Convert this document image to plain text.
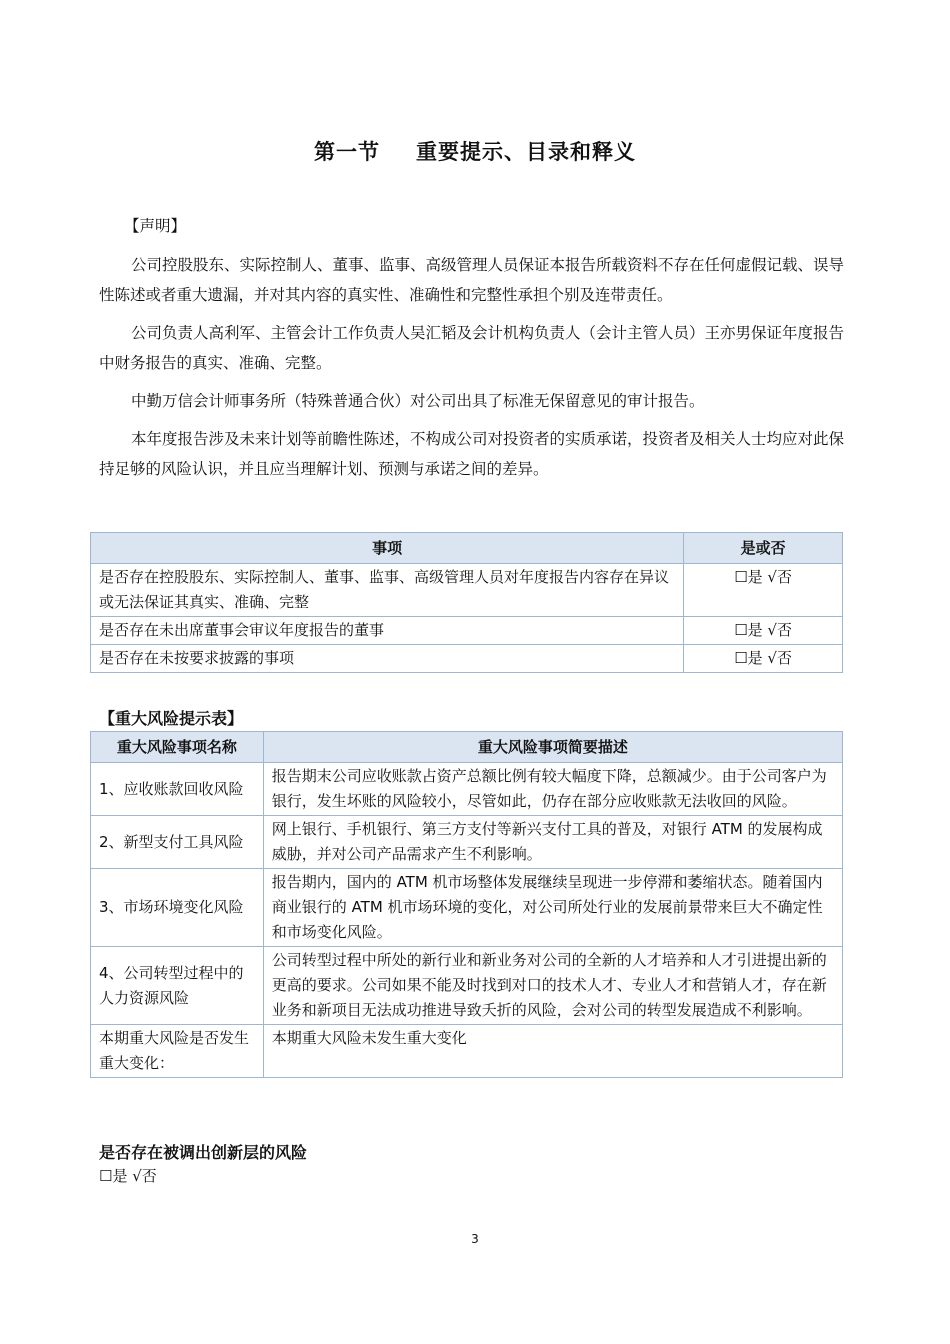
第一节 重要提示、目录和释义
【声明】

公司控股股东、实际控制人、董事、监事、高级管理人员保证本报告所载资料不存在任何虚假记载、误导性陈述或者重大遗漏，并对其内容的真实性、准确性和完整性承担个别及连带责任。

公司负责人高利军、主管会计工作负责人吴汇韬及会计机构负责人（会计主管人员）王亦男保证年度报告中财务报告的真实、准确、完整。

中勤万信会计师事务所（特殊普通合伙）对公司出具了标准无保留意见的审计报告。

本年度报告涉及未来计划等前瞻性陈述，不构成公司对投资者的实质承诺，投资者及相关人士均应对此保持足够的风险认识，并且应当理解计划、预测与承诺之间的差异。

事项	是或否
是否存在控股股东、实际控制人、董事、监事、高级管理人员对年度报告内容存在异议或无法保证其真实、准确、完整	☐是 √否
是否存在未出席董事会审议年度报告的董事	☐是 √否
是否存在未按要求披露的事项	☐是 √否
【重大风险提示表】
重大风险事项名称	重大风险事项简要描述
1、应收账款回收风险	报告期末公司应收账款占资产总额比例有较大幅度下降，总额减少。由于公司客户为银行，发生坏账的风险较小，尽管如此，仍存在部分应收账款无法收回的风险。
2、新型支付工具风险	网上银行、手机银行、第三方支付等新兴支付工具的普及，对银行 ATM 的发展构成威胁，并对公司产品需求产生不利影响。
3、市场环境变化风险	报告期内，国内的 ATM 机市场整体发展继续呈现进一步停滞和萎缩状态。随着国内商业银行的 ATM 机市场环境的变化，对公司所处行业的发展前景带来巨大不确定性和市场变化风险。
4、公司转型过程中的人力资源风险	公司转型过程中所处的新行业和新业务对公司的全新的人才培养和人才引进提出新的更高的要求。公司如果不能及时找到对口的技术人才、专业人才和营销人才，存在新业务和新项目无法成功推进导致夭折的风险，会对公司的转型发展造成不利影响。
本期重大风险是否发生重大变化：	本期重大风险未发生重大变化
是否存在被调出创新层的风险
☐是 √否
3
